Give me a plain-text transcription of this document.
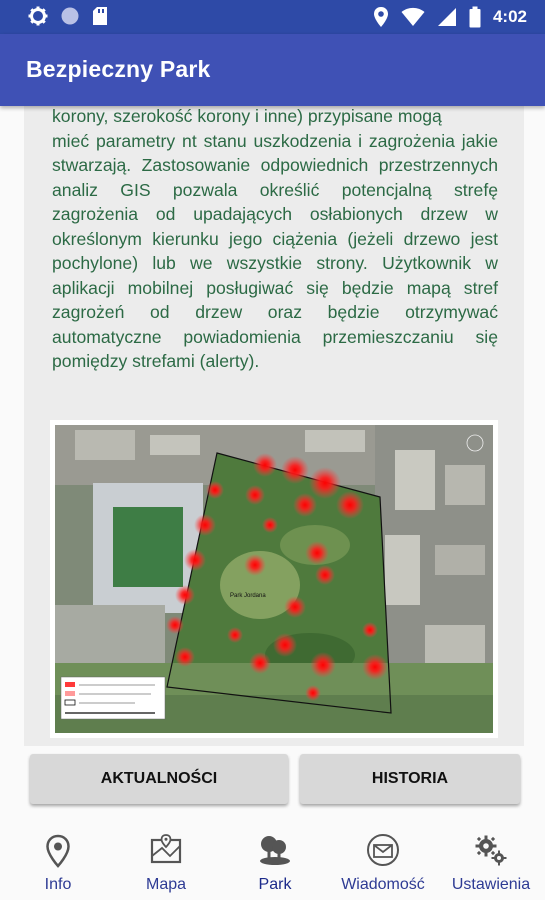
4:02
Bezpieczny Park
korony, szerokość korony i inne) przypisane mogą
mieć parametry nt stanu uszkodzenia i zagrożenia jakie stwarzają. Zastosowanie odpowiednich przestrzennych analiz GIS pozwala określić potencjalną strefę zagrożenia od upadających osłabionych drzew w określonym kierunku jego ciążenia (jeżeli drzewo jest pochylone) lub we wszystkie strony. Użytkownik w aplikacji mobilnej posługiwać się będzie mapą stref zagrożeń od drzew oraz będzie otrzymywać automatyczne powiadomienia przemieszczaniu się pomiędzy strefami (alerty).
Park Jordana
AKTUALNOŚCI	HISTORIA
Info	Mapa	Park	Wiadomość	Ustawienia
